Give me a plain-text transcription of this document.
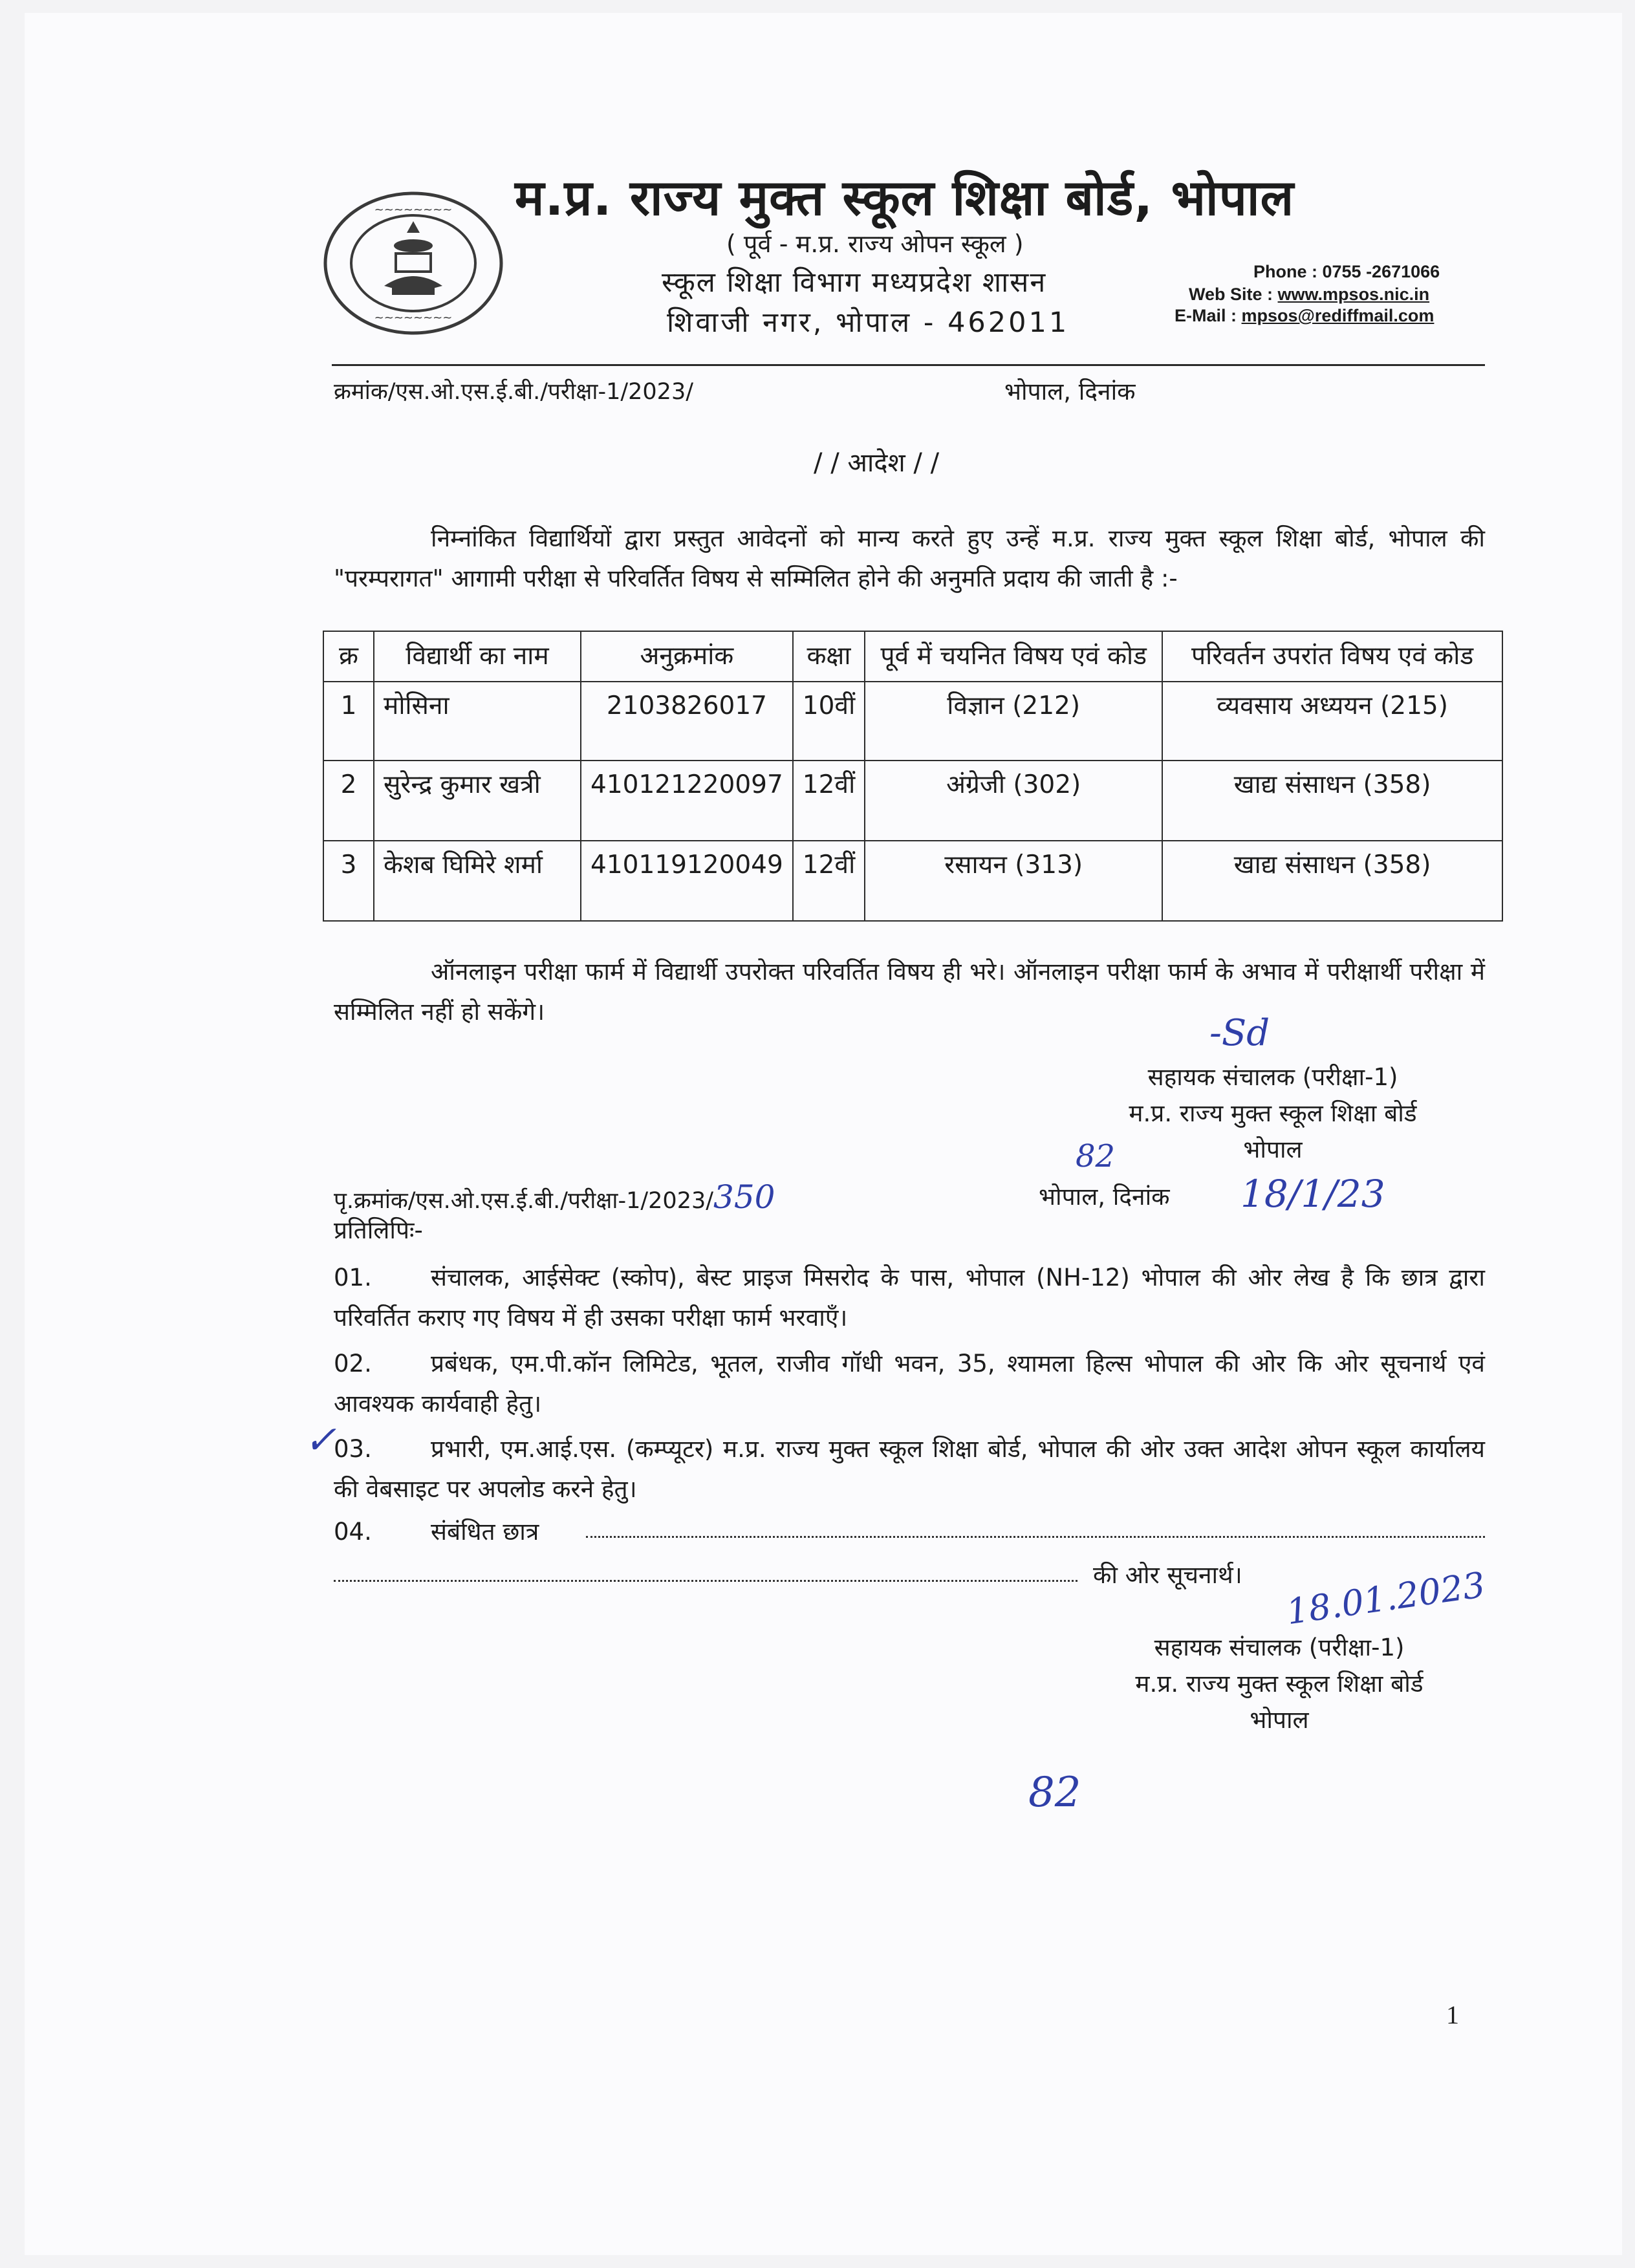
~~~~~~~~
~~~~~~~~
म.प्र. राज्य मुक्त स्कूल शिक्षा बोर्ड, भोपाल
( पूर्व - म.प्र. राज्य ओपन स्कूल )
स्कूल शिक्षा विभाग मध्यप्रदेश शासन
शिवाजी नगर, भोपाल - 462011
Phone : 0755 -2671066
Web Site : www.mpsos.nic.in
E-Mail : mpsos@rediffmail.com
क्रमांक/एस.ओ.एस.ई.बी./परीक्षा-1/2023/	भोपाल, दिनांक
/ / आदेश / /
निम्नांकित विद्यार्थियों द्वारा प्रस्तुत आवेदनों को मान्य करते हुए उन्हें म.प्र. राज्य मुक्त स्कूल शिक्षा बोर्ड, भोपाल की "परम्परागत" आगामी परीक्षा से परिवर्तित विषय से सम्मिलित होने की अनुमति प्रदाय की जाती है :-
क्र	विद्यार्थी का नाम	अनुक्रमांक	कक्षा	पूर्व में चयनित विषय एवं कोड	परिवर्तन उपरांत विषय एवं कोड
1	मोसिना	2103826017	10वीं	विज्ञान (212)	व्यवसाय अध्ययन (215)
2	सुरेन्द्र कुमार खत्री	410121220097	12वीं	अंग्रेजी (302)	खाद्य संसाधन (358)
3	केशब घिमिरे शर्मा	410119120049	12वीं	रसायन (313)	खाद्य संसाधन (358)
ऑनलाइन परीक्षा फार्म में विद्यार्थी उपरोक्त परिवर्तित विषय ही भरे। ऑनलाइन परीक्षा फार्म के अभाव में परीक्षार्थी परीक्षा में सम्मिलित नहीं हो सकेंगे।
-Sd
सहायक संचालक (परीक्षा-1)
म.प्र. राज्य मुक्त स्कूल शिक्षा बोर्ड
भोपाल
82
पृ.क्रमांक/एस.ओ.एस.ई.बी./परीक्षा-1/2023/350	भोपाल, दिनांक 18/1/23
प्रतिलिपिः-
01.	संचालक, आईसेक्ट (स्कोप), बेस्ट प्राइज मिसरोद के पास, भोपाल (NH-12) भोपाल की ओर लेख है कि छात्र द्वारा परिवर्तित कराए गए विषय में ही उसका परीक्षा फार्म भरवाएँ।
02.	प्रबंधक, एम.पी.कॉन लिमिटेड, भूतल, राजीव गॉधी भवन, 35, श्यामला हिल्स भोपाल की ओर कि ओर सूचनार्थ एवं आवश्यक कार्यवाही हेतु।
✓
03.	प्रभारी, एम.आई.एस. (कम्प्यूटर) म.प्र. राज्य मुक्त स्कूल शिक्षा बोर्ड, भोपाल की ओर उक्त आदेश ओपन स्कूल कार्यालय की वेबसाइट पर अपलोड करने हेतु।
04. संबंधित छात्र
की ओर सूचनार्थ। 18.01.2023
सहायक संचालक (परीक्षा-1)
म.प्र. राज्य मुक्त स्कूल शिक्षा बोर्ड
भोपाल
82
1
